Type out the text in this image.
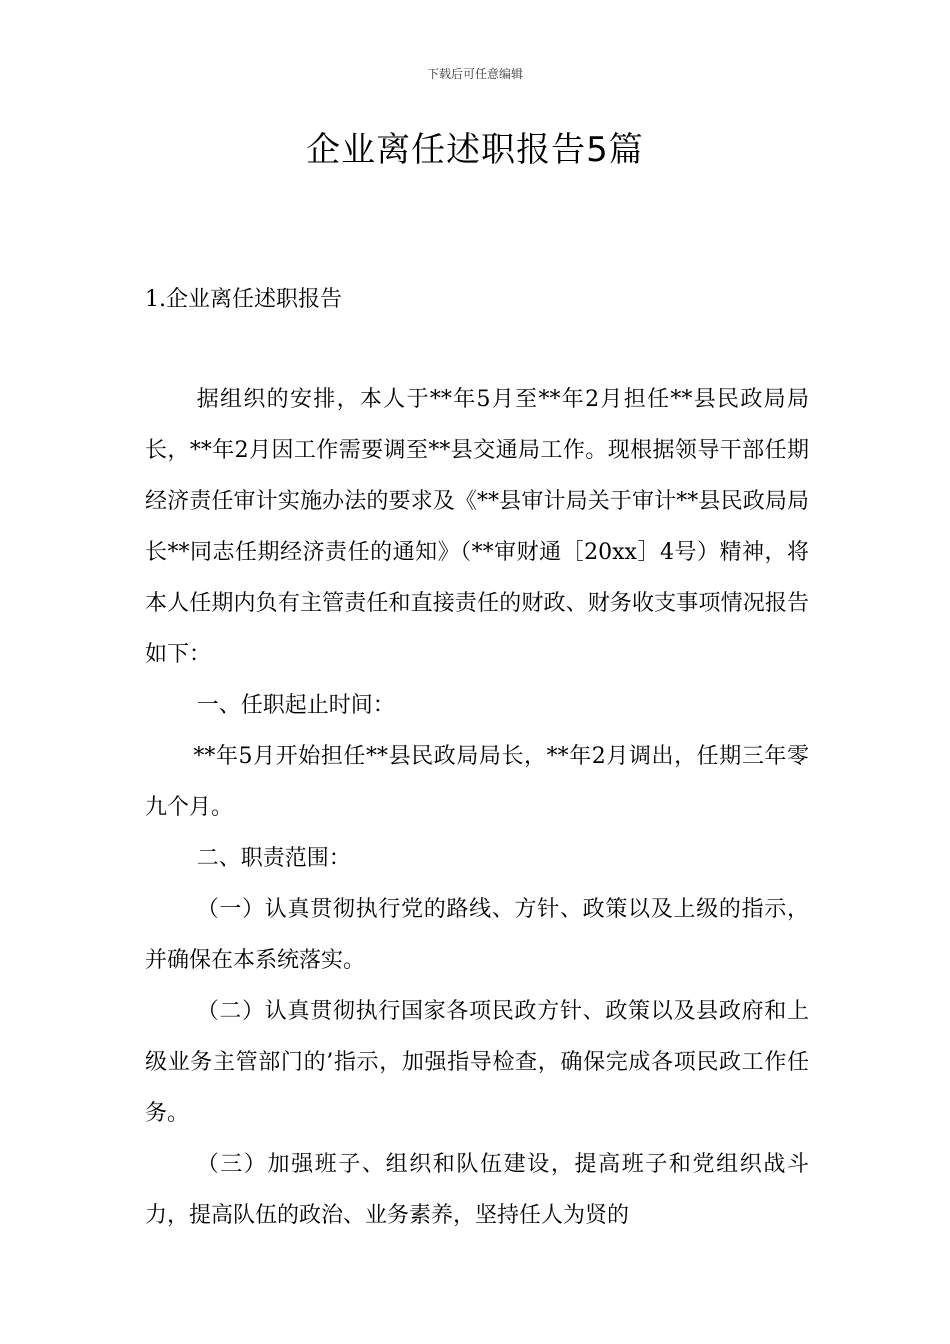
下载后可任意编辑
企业离任述职报告5篇
1.企业离任述职报告

据组织的安排，本人于**年5月至**年2月担任**县民政局局长，**年2月因工作需要调至**县交通局工作。现根据领导干部任期经济责任审计实施办法的要求及《**县审计局关于审计**县民政局局长**同志任期经济责任的通知》（**审财通［20xx］4号）精神，将本人任期内负有主管责任和直接责任的财政、财务收支事项情况报告如下：

一、任职起止时间：

**年5月开始担任**县民政局局长，**年2月调出，任期三年零九个月。

二、职责范围：

（一）认真贯彻执行党的路线、方针、政策以及上级的指示，并确保在本系统落实。

（二）认真贯彻执行国家各项民政方针、政策以及县政府和上级业务主管部门的’指示，加强指导检查，确保完成各项民政工作任务。

（三）加强班子、组织和队伍建设，提高班子和党组织战斗力，提高队伍的政治、业务素养，坚持任人为贤的
